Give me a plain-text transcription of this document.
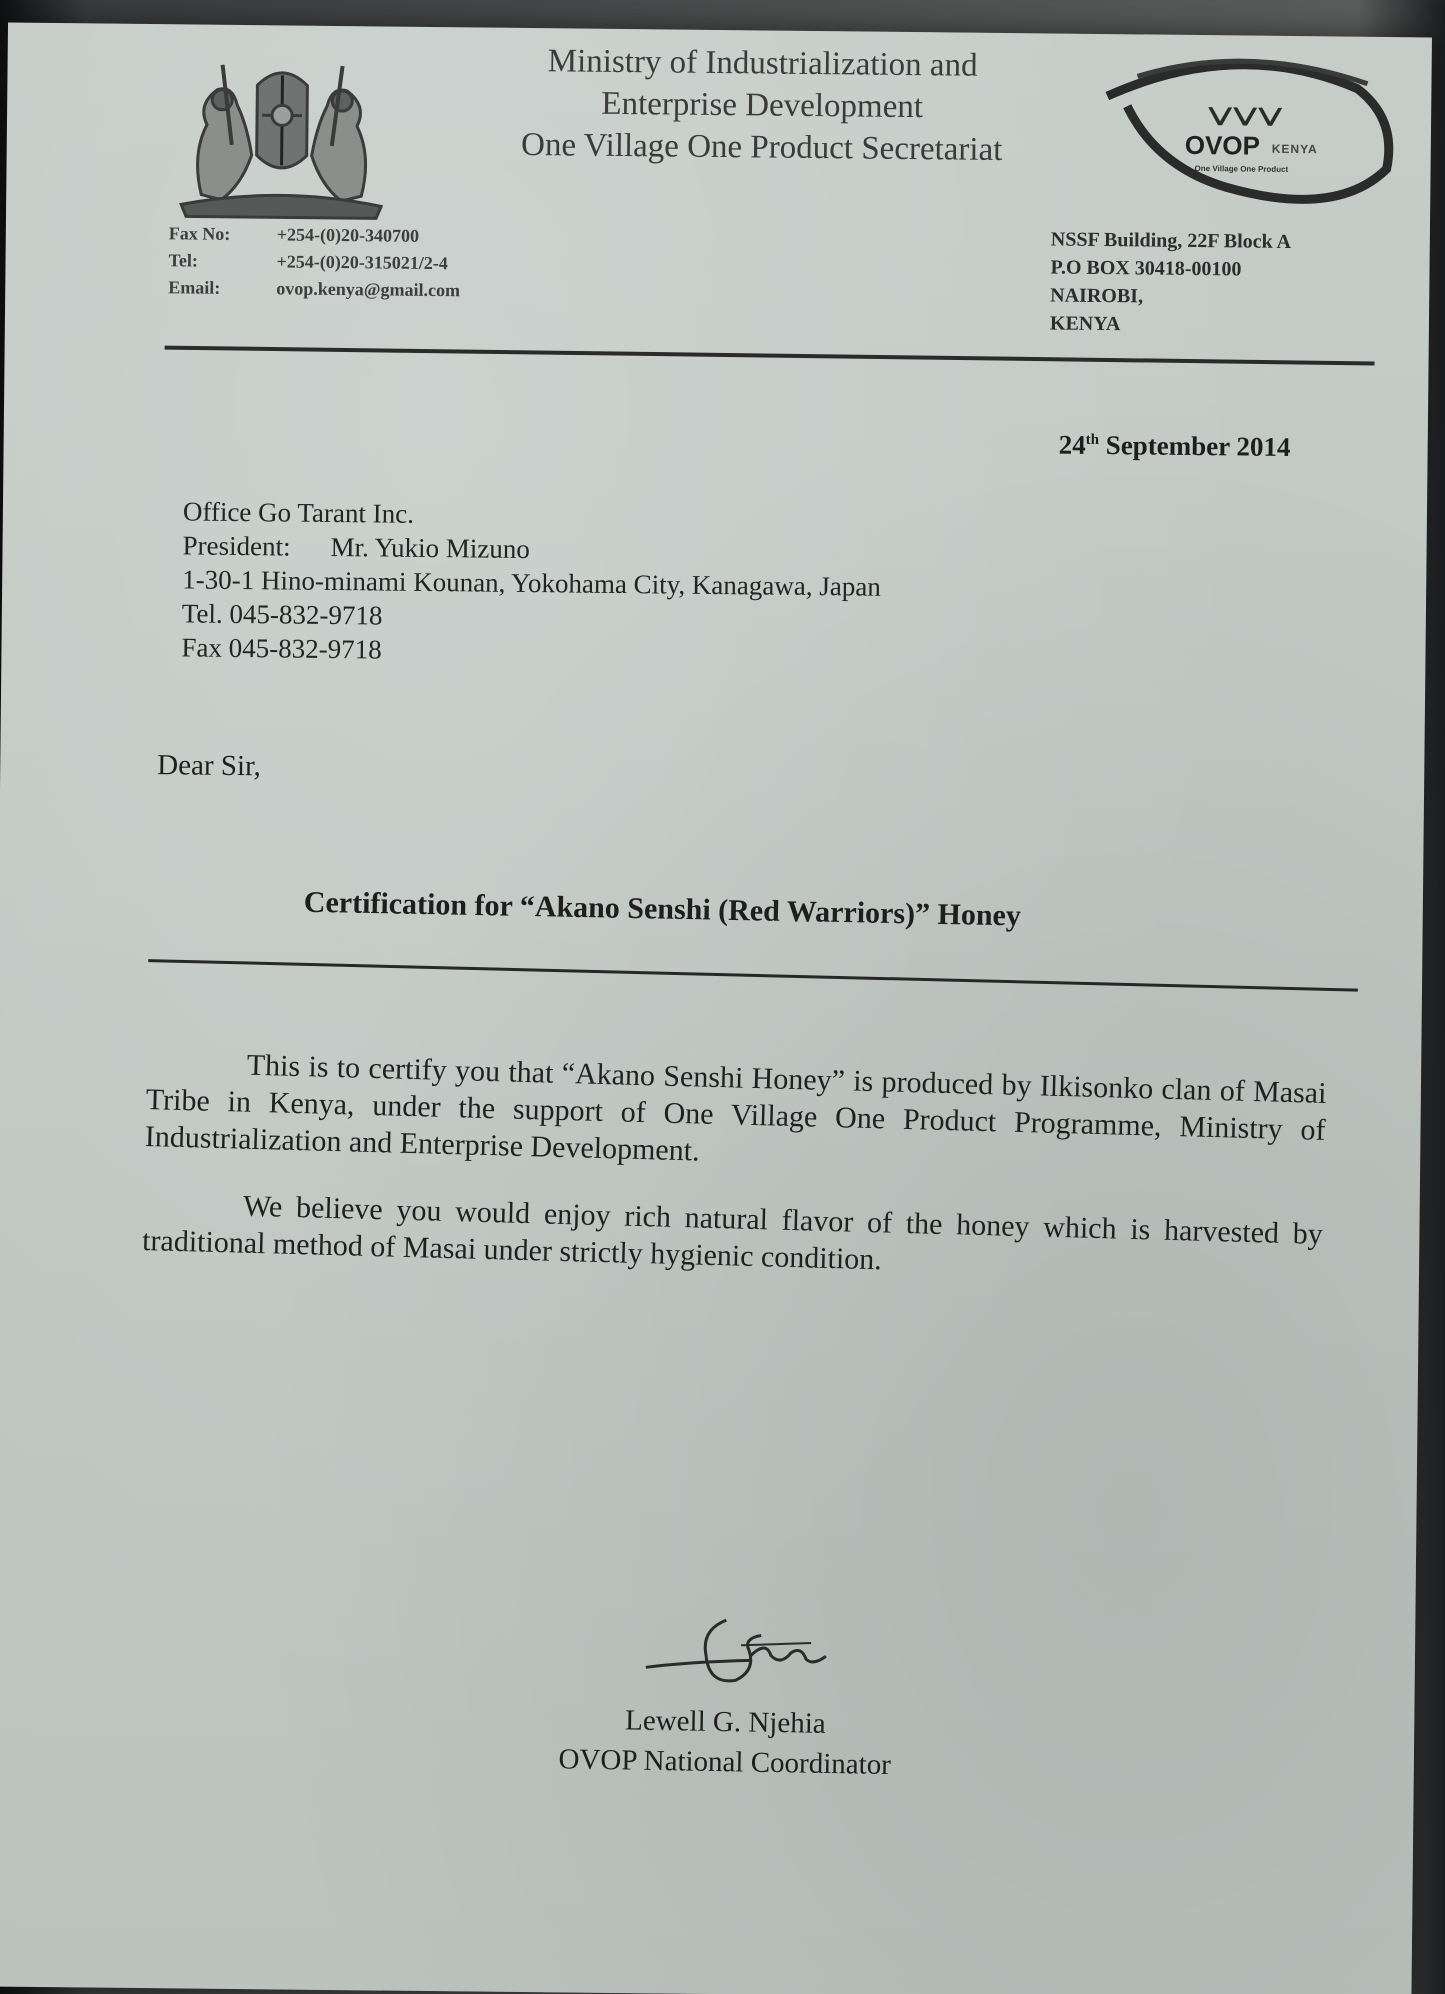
Ministry of Industrialization and
Enterprise Development
One Village One Product Secretariat	OVOP KENYA
One Village One Product
Fax No:	+254-(0)20-340700
Tel:	+254-(0)20-315021/2-4
Email:	ovop.kenya@gmail.com
NSSF Building, 22F Block A
P.O BOX 30418-00100
NAIROBI,
KENYA
24th September 2014
Office Go Tarant Inc.
President: Mr. Yukio Mizuno
1-30-1 Hino-minami Kounan, Yokohama City, Kanagawa, Japan
Tel. 045-832-9718
Fax 045-832-9718
Dear Sir,
Certification for “Akano Senshi (Red Warriors)” Honey

This is to certify you that “Akano Senshi Honey” is produced by Ilkisonko clan of Masai Tribe in Kenya, under the support of One Village One Product Programme, Ministry of Industrialization and Enterprise Development.

We believe you would enjoy rich natural flavor of the honey which is harvested by traditional method of Masai under strictly hygienic condition.

Lewell G. Njehia
OVOP National Coordinator
